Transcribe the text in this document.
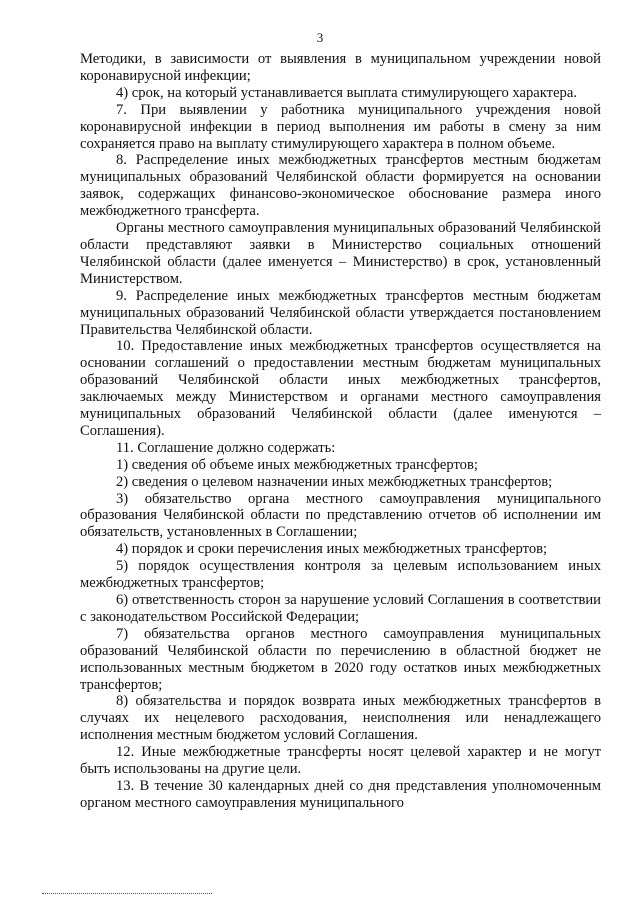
3

Методики, в зависимости от выявления в муниципальном учреждении новой коронавирусной инфекции;

4) срок, на который устанавливается выплата стимулирующего характера.

7. При выявлении у работника муниципального учреждения новой коронавирусной инфекции в период выполнения им работы в смену за ним сохраняется право на выплату стимулирующего характера в полном объеме.

8. Распределение иных межбюджетных трансфертов местным бюджетам муниципальных образований Челябинской области формируется на основании заявок, содержащих финансово-экономическое обоснование размера иного межбюджетного трансферта.

Органы местного самоуправления муниципальных образований Челябинской области представляют заявки в Министерство социальных отношений Челябинской области (далее именуется – Министерство) в срок, установленный Министерством.

9. Распределение иных межбюджетных трансфертов местным бюджетам муниципальных образований Челябинской области утверждается постановлением Правительства Челябинской области.

10. Предоставление иных межбюджетных трансфертов осуществляется на основании соглашений о предоставлении местным бюджетам муниципальных образований Челябинской области иных межбюджетных трансфертов, заключаемых между Министерством и органами местного самоуправления муниципальных образований Челябинской области (далее именуются – Соглашения).

11. Соглашение должно содержать:

1) сведения об объеме иных межбюджетных трансфертов;

2) сведения о целевом назначении иных межбюджетных трансфертов;

3) обязательство органа местного самоуправления муниципального образования Челябинской области по представлению отчетов об исполнении им обязательств, установленных в Соглашении;

4) порядок и сроки перечисления иных межбюджетных трансфертов;

5) порядок осуществления контроля за целевым использованием иных межбюджетных трансфертов;

6) ответственность сторон за нарушение условий Соглашения в соответствии с законодательством Российской Федерации;

7) обязательства органов местного самоуправления муниципальных образований Челябинской области по перечислению в областной бюджет не использованных местным бюджетом в 2020 году остатков иных межбюджетных трансфертов;

8) обязательства и порядок возврата иных межбюджетных трансфертов в случаях их нецелевого расходования, неисполнения или ненадлежащего исполнения местным бюджетом условий Соглашения.

12. Иные межбюджетные трансферты носят целевой характер и не могут быть использованы на другие цели.

13. В течение 30 календарных дней со дня представления уполномоченным органом местного самоуправления муниципального
